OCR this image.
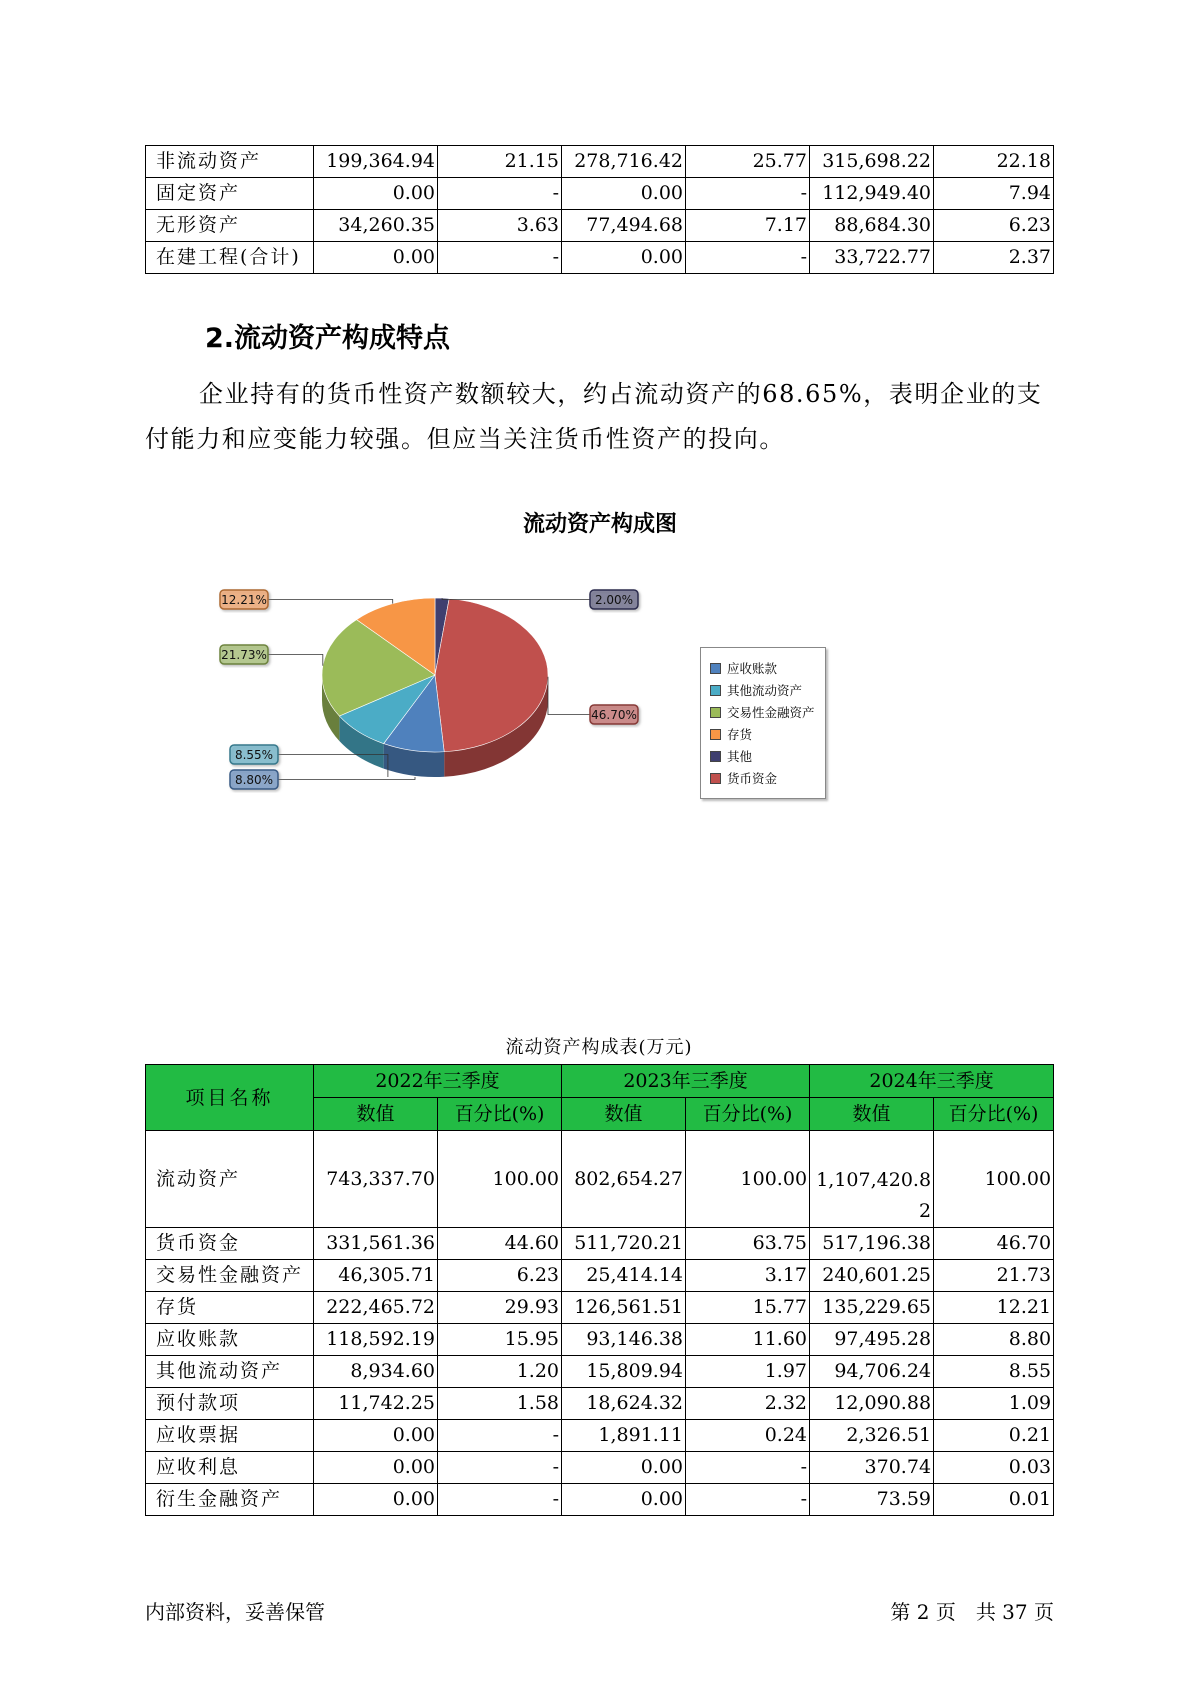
非流动资产	199,364.94	21.15	278,716.42	25.77	315,698.22	22.18
固定资产	0.00	-	0.00	-	112,949.40	7.94
无形资产	34,260.35	3.63	77,494.68	7.17	88,684.30	6.23
在建工程(合计)	0.00	-	0.00	-	33,722.77	2.37
2.流动资产构成特点

企业持有的货币性资产数额较大，约占流动资产的68.65%，表明企业的支付能力和应变能力较强。但应当关注货币性资产的投向。

流动资产构成图
2.00%
46.70%
8.80%
8.55%
21.73%
12.21%
应收账款
其他流动资产
交易性金融资产
存货
其他
货币资金
流动资产构成表(万元)
项目名称	2022年三季度		2023年三季度		2024年三季度	
	数值	百分比(%)	数值	百分比(%)	数值	百分比(%)
流动资产	743,337.70	100.00	802,654.27	100.00	1,107,420.82	100.00
货币资金	331,561.36	44.60	511,720.21	63.75	517,196.38	46.70
交易性金融资产	46,305.71	6.23	25,414.14	3.17	240,601.25	21.73
存货	222,465.72	29.93	126,561.51	15.77	135,229.65	12.21
应收账款	118,592.19	15.95	93,146.38	11.60	97,495.28	8.80
其他流动资产	8,934.60	1.20	15,809.94	1.97	94,706.24	8.55
预付款项	11,742.25	1.58	18,624.32	2.32	12,090.88	1.09
应收票据	0.00	-	1,891.11	0.24	2,326.51	0.21
应收利息	0.00	-	0.00	-	370.74	0.03
衍生金融资产	0.00	-	0.00	-	73.59	0.01
内部资料，妥善保管	第 2 页　共 37 页
